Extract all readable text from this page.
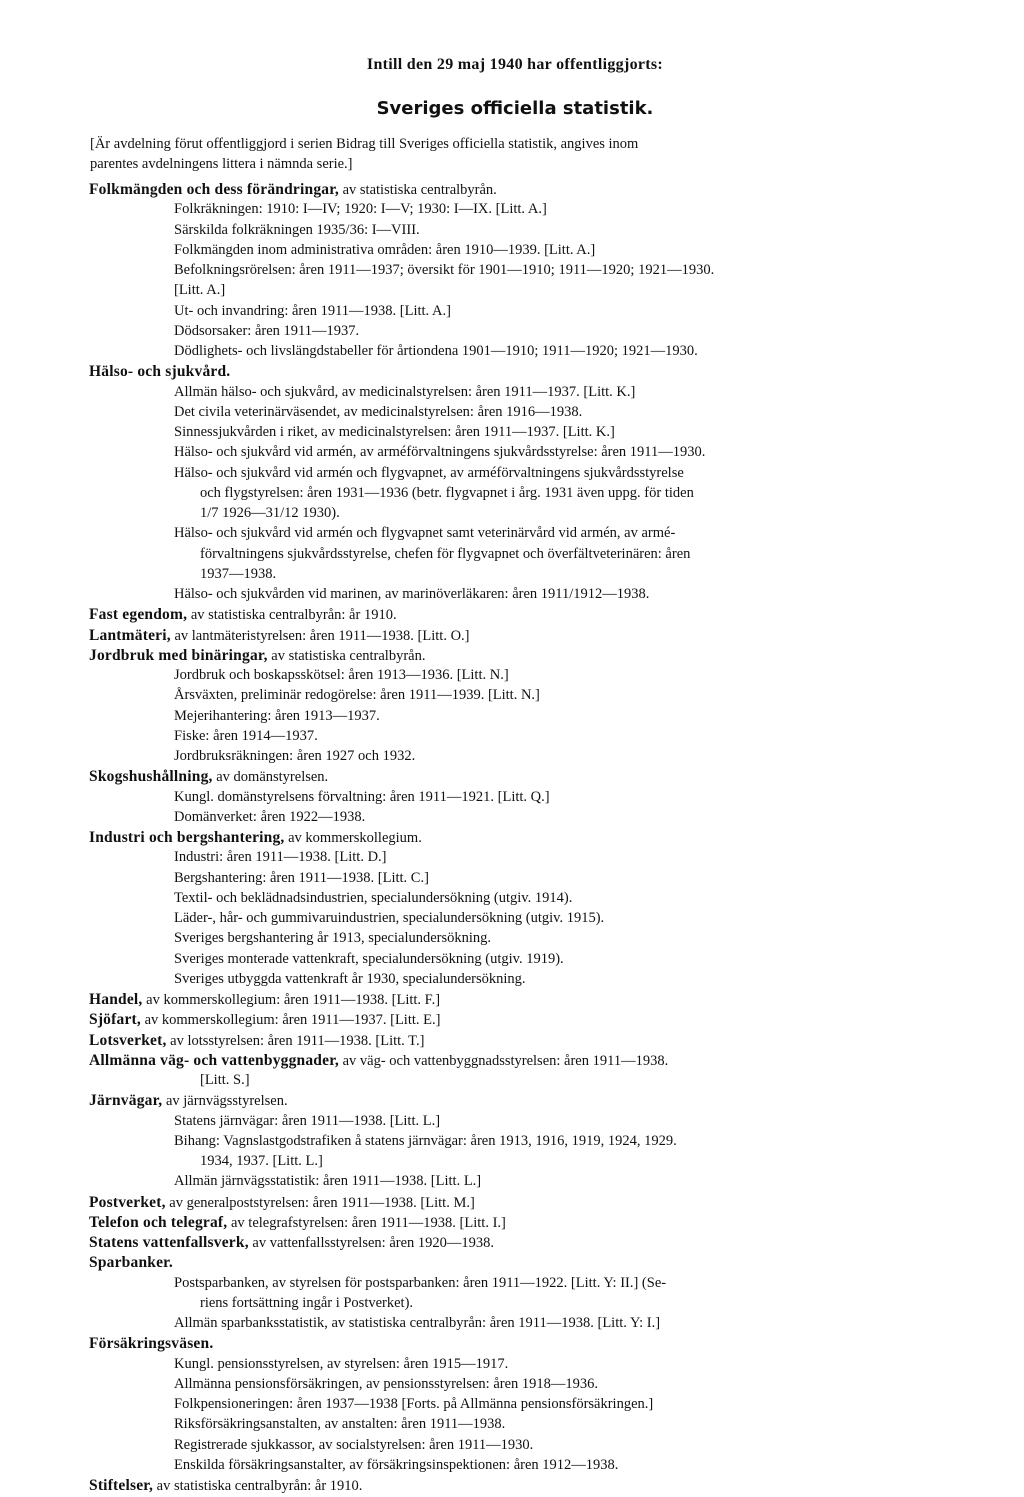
Intill den 29 maj 1940 har offentliggjorts:
Sveriges officiella statistik.
[Är avdelning förut offentliggjord i serien Bidrag till Sveriges officiella statistik, angives inom
parentes avdelningens littera i nämnda serie.]
Folkmängden och dess förändringar, av statistiska centralbyrån.
Folkräkningen: 1910: I—IV; 1920: I—V; 1930: I—IX. [Litt. A.]
Särskilda folkräkningen 1935/36: I—VIII.
Folkmängden inom administrativa områden: åren 1910—1939. [Litt. A.]
Befolkningsrörelsen: åren 1911—1937; översikt för 1901—1910; 1911—1920; 1921—1930.
[Litt. A.]
Ut- och invandring: åren 1911—1938. [Litt. A.]
Dödsorsaker: åren 1911—1937.
Dödlighets- och livslängdstabeller för årtiondena 1901—1910; 1911—1920; 1921—1930.
Hälso- och sjukvård.
Allmän hälso- och sjukvård, av medicinalstyrelsen: åren 1911—1937. [Litt. K.]
Det civila veterinärväsendet, av medicinalstyrelsen: åren 1916—1938.
Sinnessjukvården i riket, av medicinalstyrelsen: åren 1911—1937. [Litt. K.]
Hälso- och sjukvård vid armén, av arméförvaltningens sjukvårdsstyrelse: åren 1911—1930.
Hälso- och sjukvård vid armén och flygvapnet, av arméförvaltningens sjukvårdsstyrelse
och flygstyrelsen: åren 1931—1936 (betr. flygvapnet i årg. 1931 även uppg. för tiden
1/7 1926—31/12 1930).
Hälso- och sjukvård vid armén och flygvapnet samt veterinärvård vid armén, av armé-
förvaltningens sjukvårdsstyrelse, chefen för flygvapnet och överfältveterinären: åren
1937—1938.
Hälso- och sjukvården vid marinen, av marinöverläkaren: åren 1911/1912—1938.
Fast egendom, av statistiska centralbyrån: år 1910.
Lantmäteri, av lantmäteristyrelsen: åren 1911—1938. [Litt. O.]
Jordbruk med binäringar, av statistiska centralbyrån.
Jordbruk och boskapsskötsel: åren 1913—1936. [Litt. N.]
Årsväxten, preliminär redogörelse: åren 1911—1939. [Litt. N.]
Mejerihantering: åren 1913—1937.
Fiske: åren 1914—1937.
Jordbruksräkningen: åren 1927 och 1932.
Skogshushållning, av domänstyrelsen.
Kungl. domänstyrelsens förvaltning: åren 1911—1921. [Litt. Q.]
Domänverket: åren 1922—1938.
Industri och bergshantering, av kommerskollegium.
Industri: åren 1911—1938. [Litt. D.]
Bergshantering: åren 1911—1938. [Litt. C.]
Textil- och beklädnadsindustrien, specialundersökning (utgiv. 1914).
Läder-, hår- och gummivaruindustrien, specialundersökning (utgiv. 1915).
Sveriges bergshantering år 1913, specialundersökning.
Sveriges monterade vattenkraft, specialundersökning (utgiv. 1919).
Sveriges utbyggda vattenkraft år 1930, specialundersökning.
Handel, av kommerskollegium: åren 1911—1938. [Litt. F.]
Sjöfart, av kommerskollegium: åren 1911—1937. [Litt. E.]
Lotsverket, av lotsstyrelsen: åren 1911—1938. [Litt. T.]
Allmänna väg- och vattenbyggnader, av väg- och vattenbyggnadsstyrelsen: åren 1911—1938.
[Litt. S.]
Järnvägar, av järnvägsstyrelsen.
Statens järnvägar: åren 1911—1938. [Litt. L.]
Bihang: Vagnslastgodstrafiken å statens järnvägar: åren 1913, 1916, 1919, 1924, 1929.
1934, 1937. [Litt. L.]
Allmän järnvägsstatistik: åren 1911—1938. [Litt. L.]
Postverket, av generalpoststyrelsen: åren 1911—1938. [Litt. M.]
Telefon och telegraf, av telegrafstyrelsen: åren 1911—1938. [Litt. I.]
Statens vattenfallsverk, av vattenfallsstyrelsen: åren 1920—1938.
Sparbanker.
Postsparbanken, av styrelsen för postsparbanken: åren 1911—1922. [Litt. Y: II.] (Se-
riens fortsättning ingår i Postverket).
Allmän sparbanksstatistik, av statistiska centralbyrån: åren 1911—1938. [Litt. Y: I.]
Försäkringsväsen.
Kungl. pensionsstyrelsen, av styrelsen: åren 1915—1917.
Allmänna pensionsförsäkringen, av pensionsstyrelsen: åren 1918—1936.
Folkpensioneringen: åren 1937—1938 [Forts. på Allmänna pensionsförsäkringen.]
Riksförsäkringsanstalten, av anstalten: åren 1911—1938.
Registrerade sjukkassor, av socialstyrelsen: åren 1911—1930.
Enskilda försäkringsanstalter, av försäkringsinspektionen: åren 1912—1938.
Stiftelser, av statistiska centralbyrån: år 1910.
